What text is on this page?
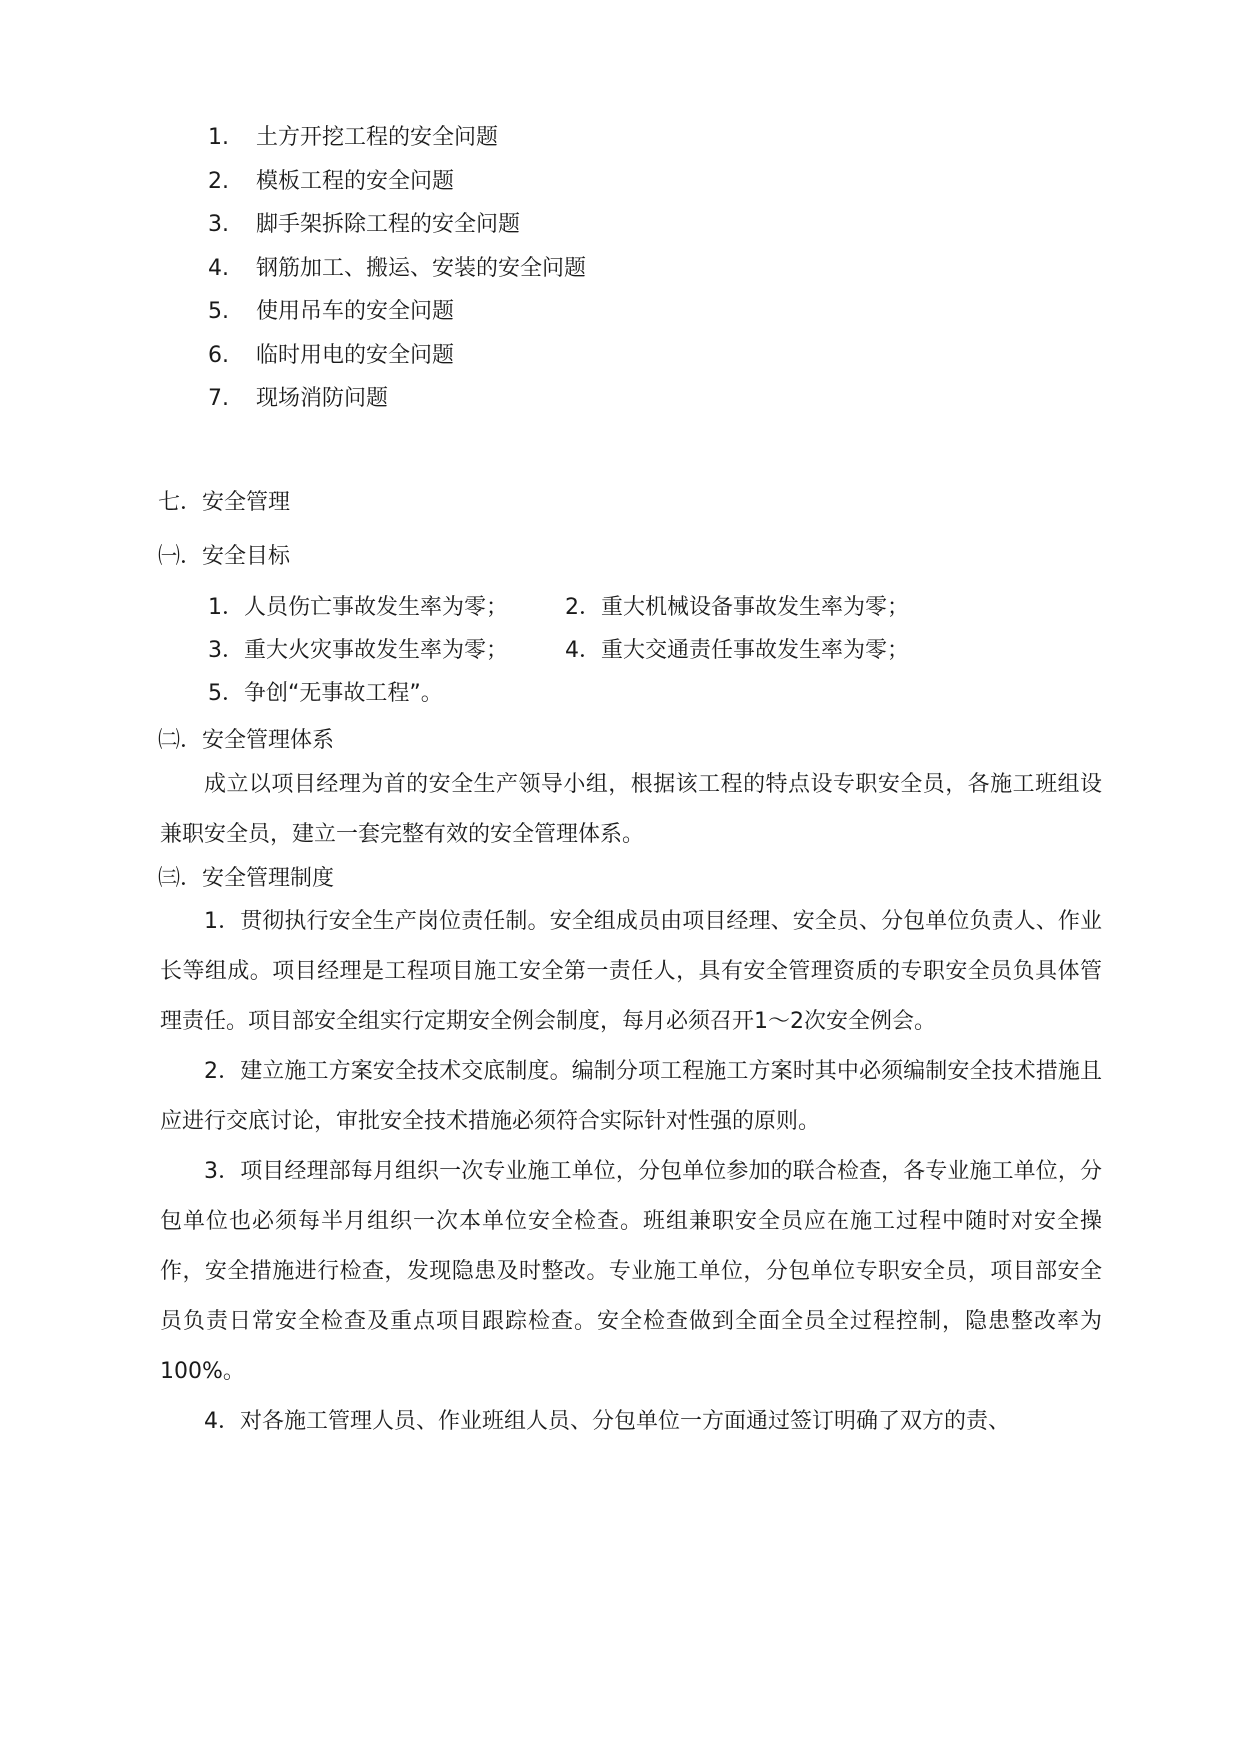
1. 土方开挖工程的安全问题
2. 模板工程的安全问题
3. 脚手架拆除工程的安全问题
4. 钢筋加工、搬运、安装的安全问题
5. 使用吊车的安全问题
6. 临时用电的安全问题
7. 现场消防问题
七．安全管理
㈠．安全目标
1．人员伤亡事故发生率为零；	2．重大机械设备事故发生率为零；
3．重大火灾事故发生率为零；	4．重大交通责任事故发生率为零；
5．争创“无事故工程”。
㈡．安全管理体系

成立以项目经理为首的安全生产领导小组，根据该工程的特点设专职安全员，各施工班组设兼职安全员，建立一套完整有效的安全管理体系。

㈢．安全管理制度

1．贯彻执行安全生产岗位责任制。安全组成员由项目经理、安全员、分包单位负责人、作业长等组成。项目经理是工程项目施工安全第一责任人，具有安全管理资质的专职安全员负具体管理责任。项目部安全组实行定期安全例会制度，每月必须召开1～2次安全例会。

2．建立施工方案安全技术交底制度。编制分项工程施工方案时其中必须编制安全技术措施且应进行交底讨论，审批安全技术措施必须符合实际针对性强的原则。

3．项目经理部每月组织一次专业施工单位，分包单位参加的联合检查，各专业施工单位，分包单位也必须每半月组织一次本单位安全检查。班组兼职安全员应在施工过程中随时对安全操作，安全措施进行检查，发现隐患及时整改。专业施工单位，分包单位专职安全员，项目部安全员负责日常安全检查及重点项目跟踪检查。安全检查做到全面全员全过程控制，隐患整改率为100%。

4．对各施工管理人员、作业班组人员、分包单位一方面通过签订明确了双方的责、
